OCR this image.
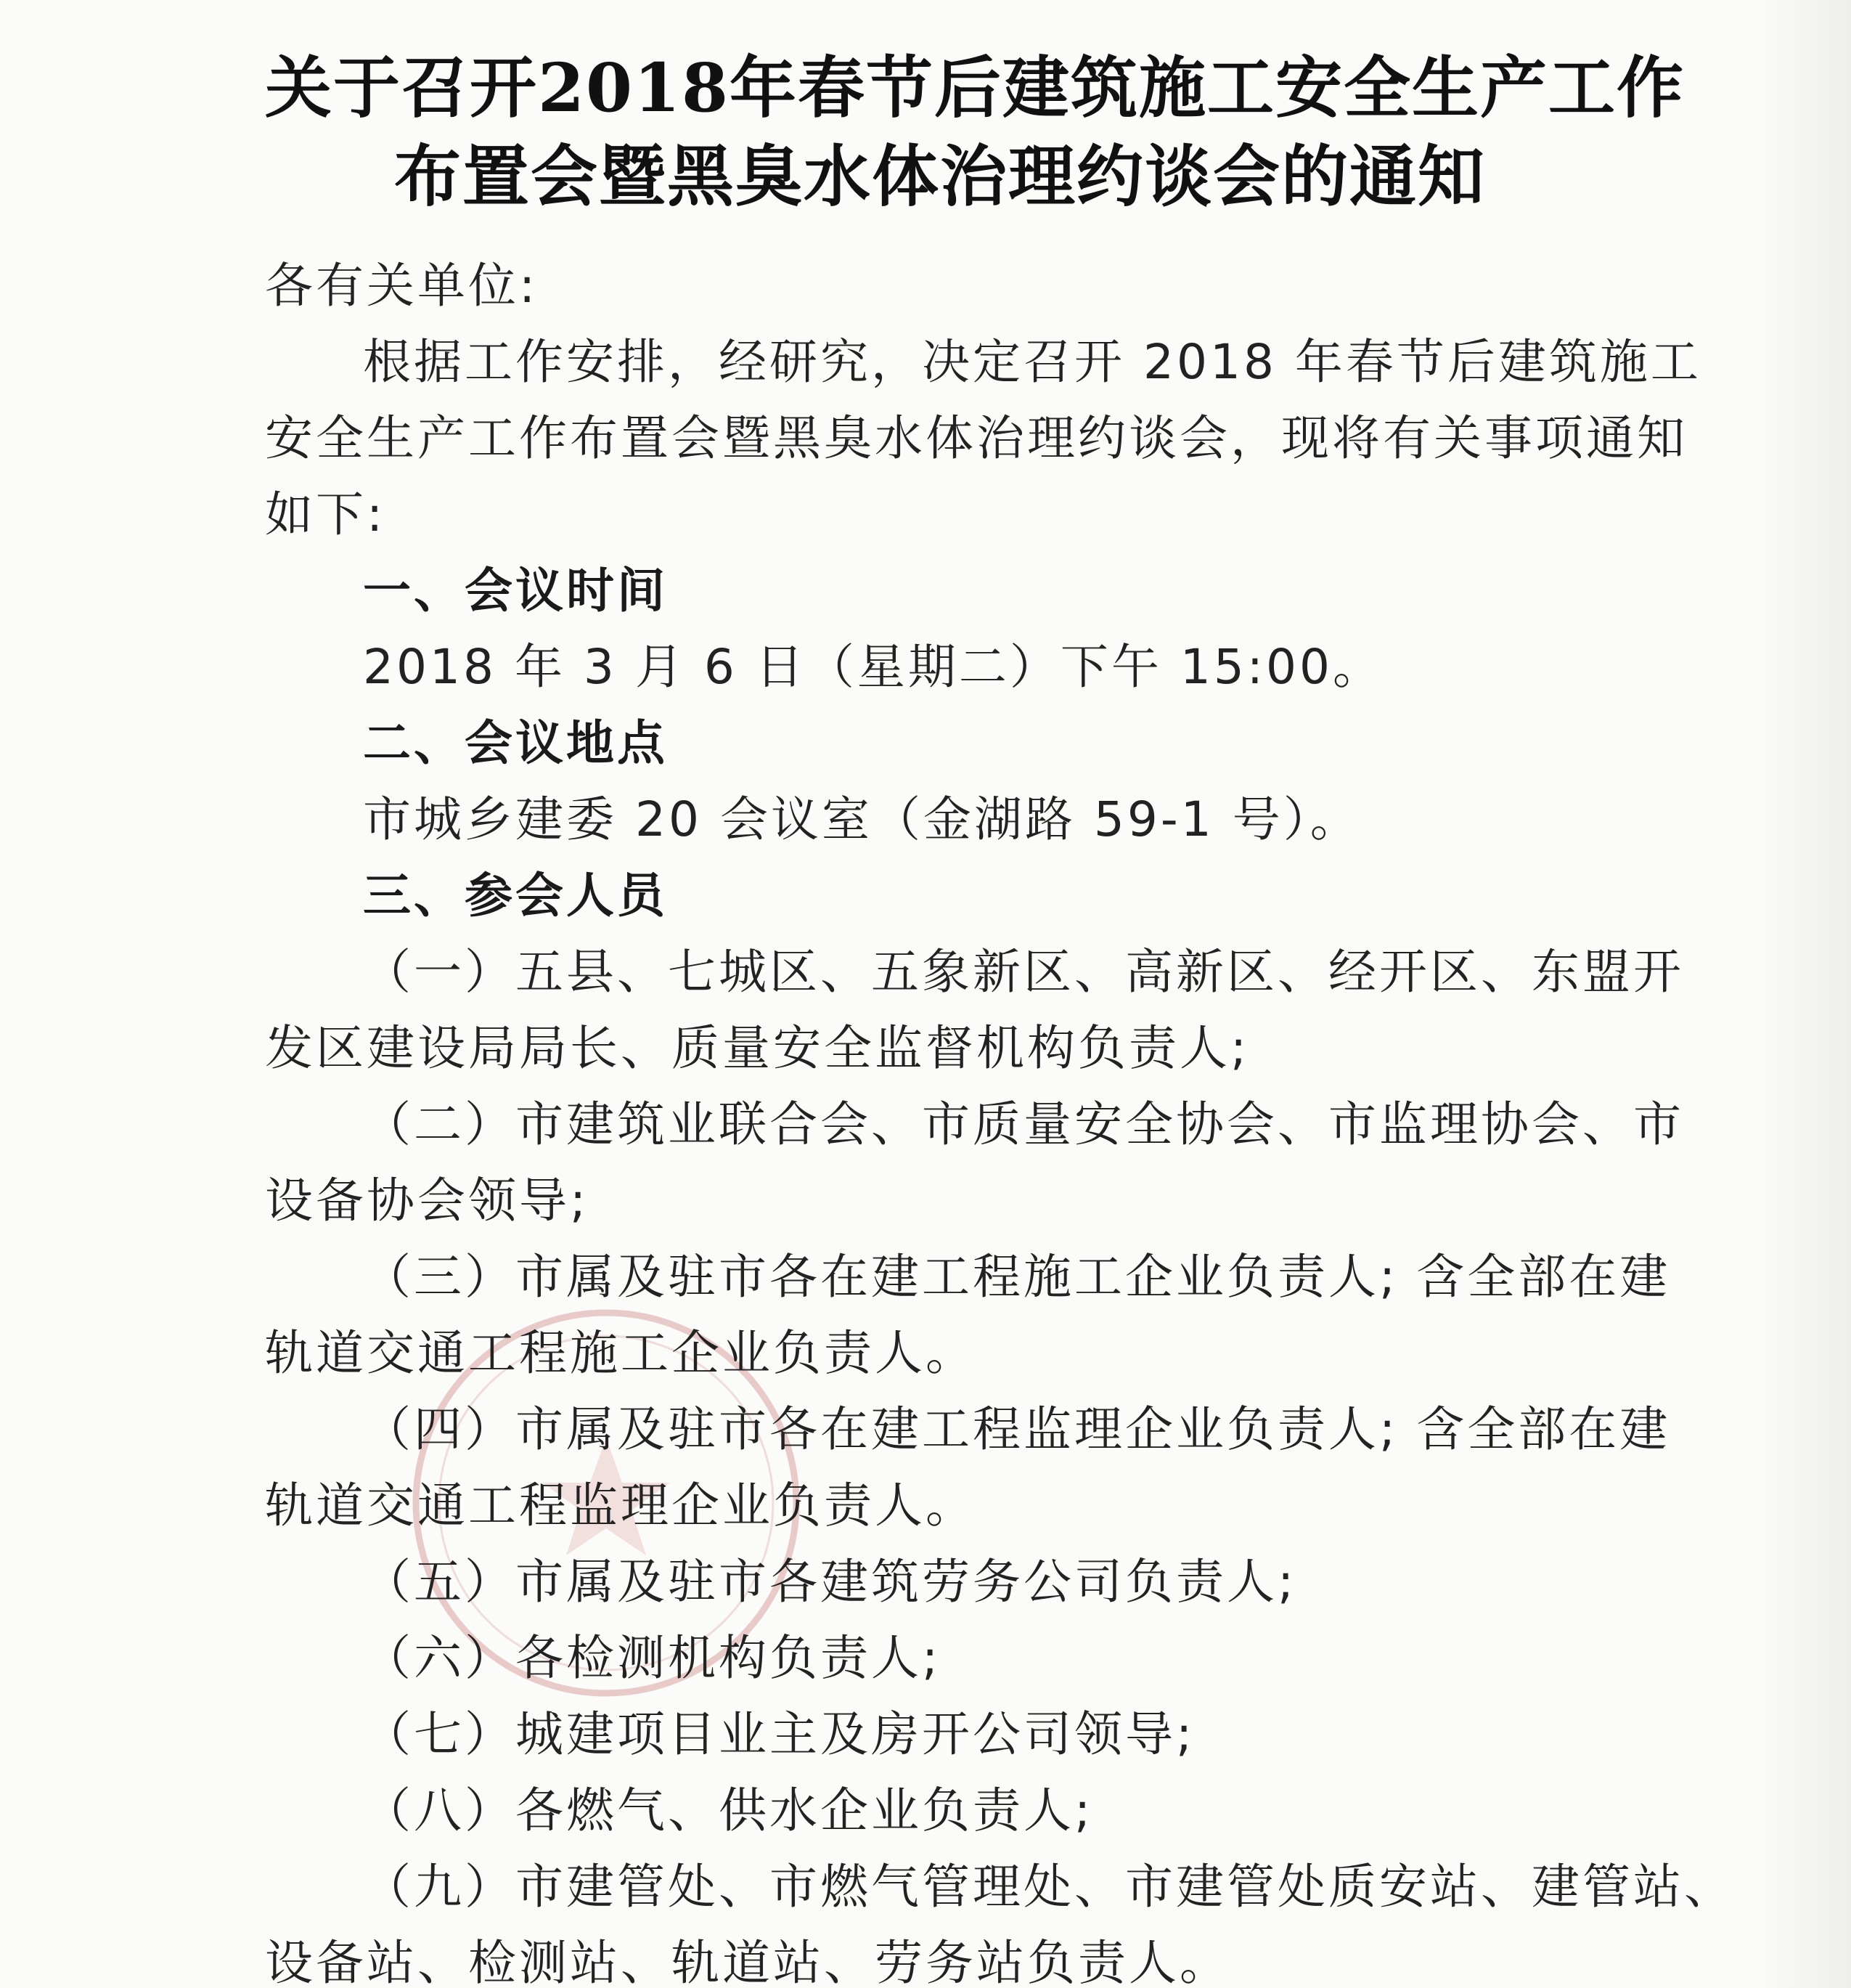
关于召开2018年春节后建筑施工安全生产工作
布置会暨黑臭水体治理约谈会的通知
各有关单位:
根据工作安排，经研究，决定召开 2018 年春节后建筑施工
安全生产工作布置会暨黑臭水体治理约谈会，现将有关事项通知
如下:
一、会议时间
2018 年 3 月 6 日（星期二）下午 15:00。
二、会议地点
市城乡建委 20 会议室（金湖路 59-1 号）。
三、参会人员
（一）五县、七城区、五象新区、高新区、经开区、东盟开
发区建设局局长、质量安全监督机构负责人;
（二）市建筑业联合会、市质量安全协会、市监理协会、市
设备协会领导;
（三）市属及驻市各在建工程施工企业负责人; 含全部在建
轨道交通工程施工企业负责人。
（四）市属及驻市各在建工程监理企业负责人; 含全部在建
轨道交通工程监理企业负责人。
（五）市属及驻市各建筑劳务公司负责人;
（六）各检测机构负责人;
（七）城建项目业主及房开公司领导;
（八）各燃气、供水企业负责人;
（九）市建管处、市燃气管理处、市建管处质安站、建管站、
设备站、检测站、轨道站、劳务站负责人。
